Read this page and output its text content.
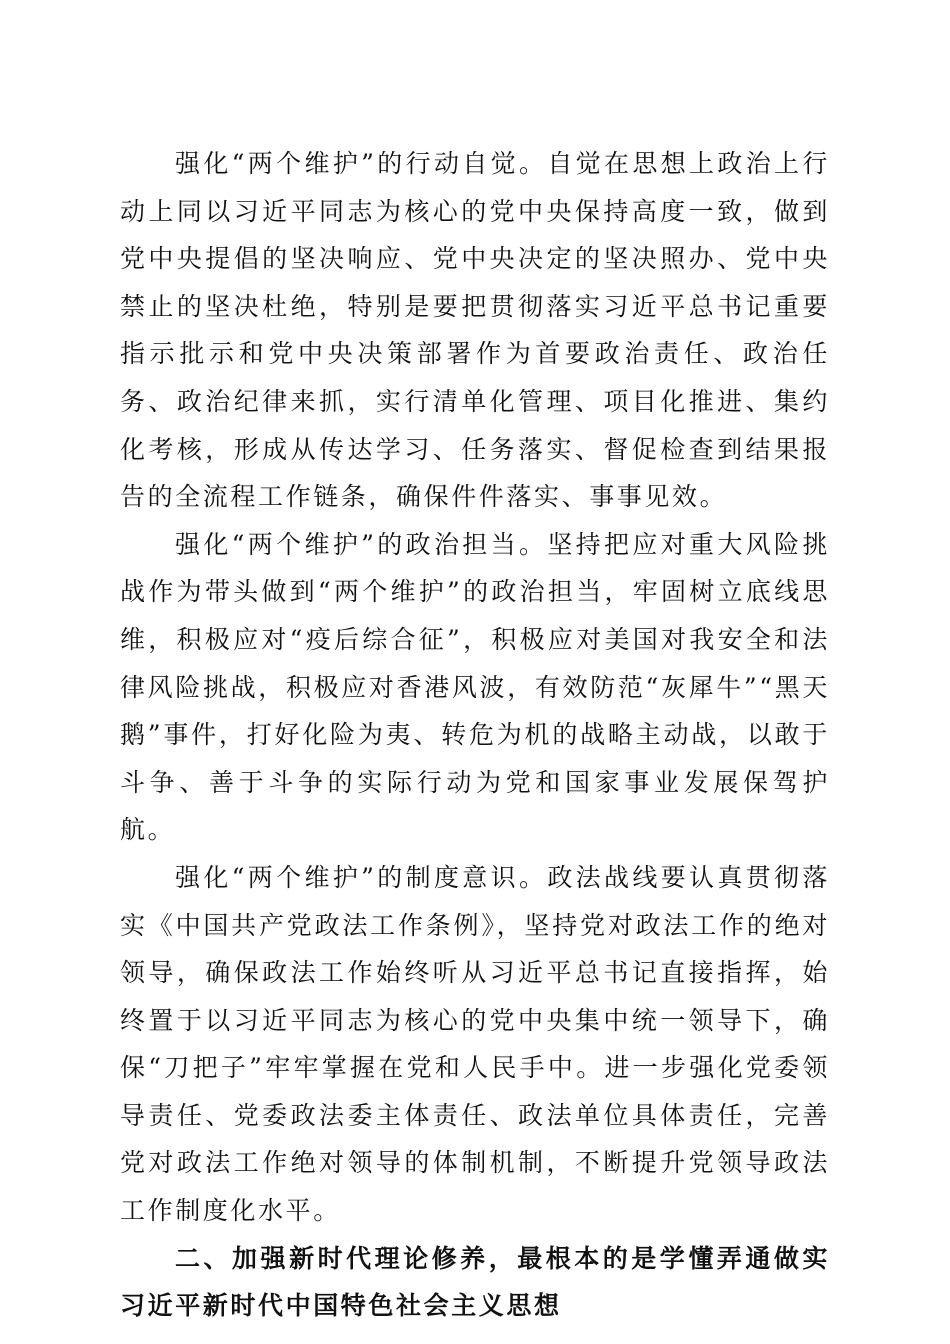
强化“两个维护”的行动自觉。自觉在思想上政治上行动上同以习近平同志为核心的党中央保持高度一致，做到党中央提倡的坚决响应、党中央决定的坚决照办、党中央禁止的坚决杜绝，特别是要把贯彻落实习近平总书记重要指示批示和党中央决策部署作为首要政治责任、政治任务、政治纪律来抓，实行清单化管理、项目化推进、集约化考核，形成从传达学习、任务落实、督促检查到结果报告的全流程工作链条，确保件件落实、事事见效。

强化“两个维护”的政治担当。坚持把应对重大风险挑战作为带头做到“两个维护”的政治担当，牢固树立底线思维，积极应对“疫后综合征”，积极应对美国对我安全和法律风险挑战，积极应对香港风波，有效防范“灰犀牛”“黑天鹅”事件，打好化险为夷、转危为机的战略主动战，以敢于斗争、善于斗争的实际行动为党和国家事业发展保驾护航。

强化“两个维护”的制度意识。政法战线要认真贯彻落实《中国共产党政法工作条例》，坚持党对政法工作的绝对领导，确保政法工作始终听从习近平总书记直接指挥，始终置于以习近平同志为核心的党中央集中统一领导下，确保“刀把子”牢牢掌握在党和人民手中。进一步强化党委领导责任、党委政法委主体责任、政法单位具体责任，完善党对政法工作绝对领导的体制机制，不断提升党领导政法工作制度化水平。

二、加强新时代理论修养，最根本的是学懂弄通做实习近平新时代中国特色社会主义思想
